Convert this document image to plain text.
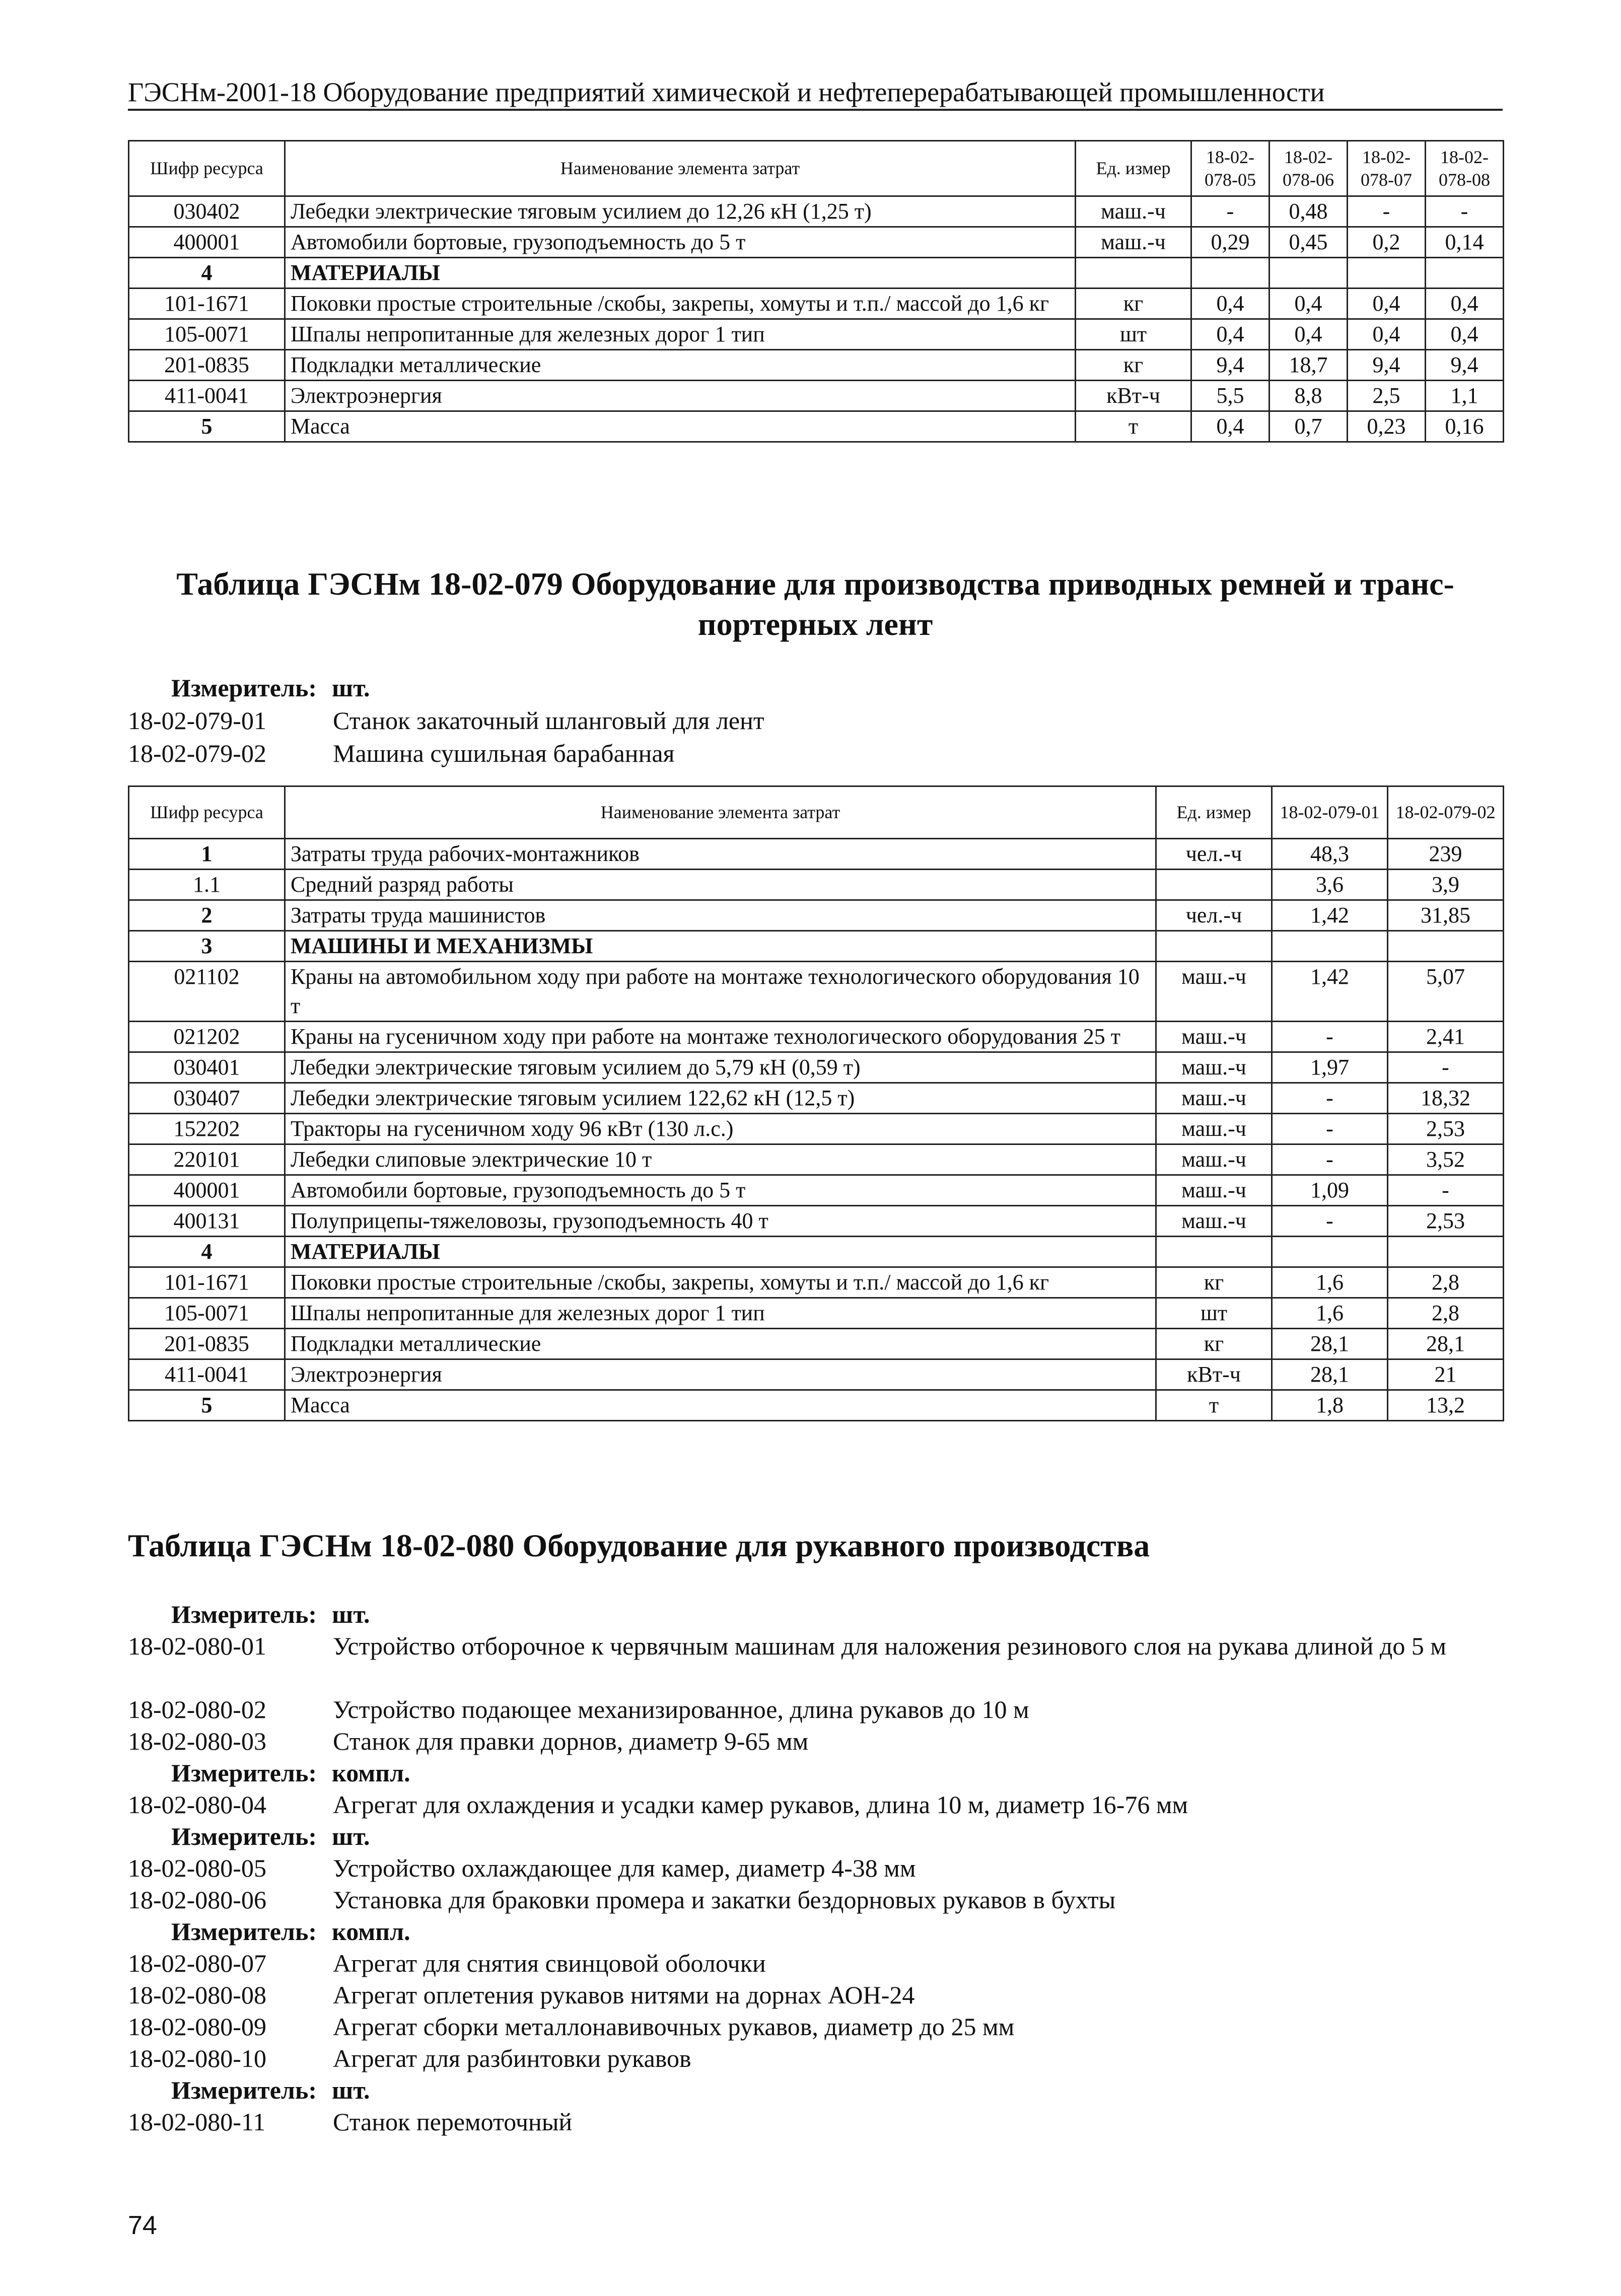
ГЭСНм-2001-18 Оборудование предприятий химической и нефтеперерабатывающей промышленности
Шифр ресурса	Наименование элемента затрат	Ед. измер	18-02-078-05	18-02-078-06	18-02-078-07	18-02-078-08
030402	Лебедки электрические тяговым усилием до 12,26 кН (1,25 т)	маш.-ч	-	0,48	-	-
400001	Автомобили бортовые, грузоподъемность до 5 т	маш.-ч	0,29	0,45	0,2	0,14
4	МАТЕРИАЛЫ					
101-1671	Поковки простые строительные /скобы, закрепы, хомуты и т.п./ массой до 1,6 кг	кг	0,4	0,4	0,4	0,4
105-0071	Шпалы непропитанные для железных дорог 1 тип	шт	0,4	0,4	0,4	0,4
201-0835	Подкладки металлические	кг	9,4	18,7	9,4	9,4
411-0041	Электроэнергия	кВт-ч	5,5	8,8	2,5	1,1
5	Масса	т	0,4	0,7	0,23	0,16
Таблица ГЭСНм 18-02-079 Оборудование для производства приводных ремней и транс-
портерных лент
Измеритель: шт.
18-02-079-01	Станок закаточный шланговый для лент
18-02-079-02	Машина сушильная барабанная
Шифр ресурса	Наименование элемента затрат	Ед. измер	18-02-079-01	18-02-079-02
1	Затраты труда рабочих-монтажников	чел.-ч	48,3	239
1.1	Средний разряд работы		3,6	3,9
2	Затраты труда машинистов	чел.-ч	1,42	31,85
3	МАШИНЫ И МЕХАНИЗМЫ			
021102	Краны на автомобильном ходу при работе на монтаже технологического оборудования 10 т	маш.-ч	1,42	5,07
021202	Краны на гусеничном ходу при работе на монтаже технологического оборудования 25 т	маш.-ч	-	2,41
030401	Лебедки электрические тяговым усилием до 5,79 кН (0,59 т)	маш.-ч	1,97	-
030407	Лебедки электрические тяговым усилием 122,62 кН (12,5 т)	маш.-ч	-	18,32
152202	Тракторы на гусеничном ходу 96 кВт (130 л.с.)	маш.-ч	-	2,53
220101	Лебедки слиповые электрические 10 т	маш.-ч	-	3,52
400001	Автомобили бортовые, грузоподъемность до 5 т	маш.-ч	1,09	-
400131	Полуприцепы-тяжеловозы, грузоподъемность 40 т	маш.-ч	-	2,53
4	МАТЕРИАЛЫ			
101-1671	Поковки простые строительные /скобы, закрепы, хомуты и т.п./ массой до 1,6 кг	кг	1,6	2,8
105-0071	Шпалы непропитанные для железных дорог 1 тип	шт	1,6	2,8
201-0835	Подкладки металлические	кг	28,1	28,1
411-0041	Электроэнергия	кВт-ч	28,1	21
5	Масса	т	1,8	13,2
Таблица ГЭСНм 18-02-080 Оборудование для рукавного производства
Измеритель: шт.
18-02-080-01	Устройство отборочное к червячным машинам для наложения резинового слоя на рукава длиной до 5 м
18-02-080-02	Устройство подающее механизированное, длина рукавов до 10 м
18-02-080-03	Станок для правки дорнов, диаметр 9-65 мм
Измеритель: компл.
18-02-080-04	Агрегат для охлаждения и усадки камер рукавов, длина 10 м, диаметр 16-76 мм
Измеритель: шт.
18-02-080-05	Устройство охлаждающее для камер, диаметр 4-38 мм
18-02-080-06	Установка для браковки промера и закатки бездорновых рукавов в бухты
Измеритель: компл.
18-02-080-07	Агрегат для снятия свинцовой оболочки
18-02-080-08	Агрегат оплетения рукавов нитями на дорнах АОН-24
18-02-080-09	Агрегат сборки металлонавивочных рукавов, диаметр до 25 мм
18-02-080-10	Агрегат для разбинтовки рукавов
Измеритель: шт.
18-02-080-11	Станок перемоточный
74
